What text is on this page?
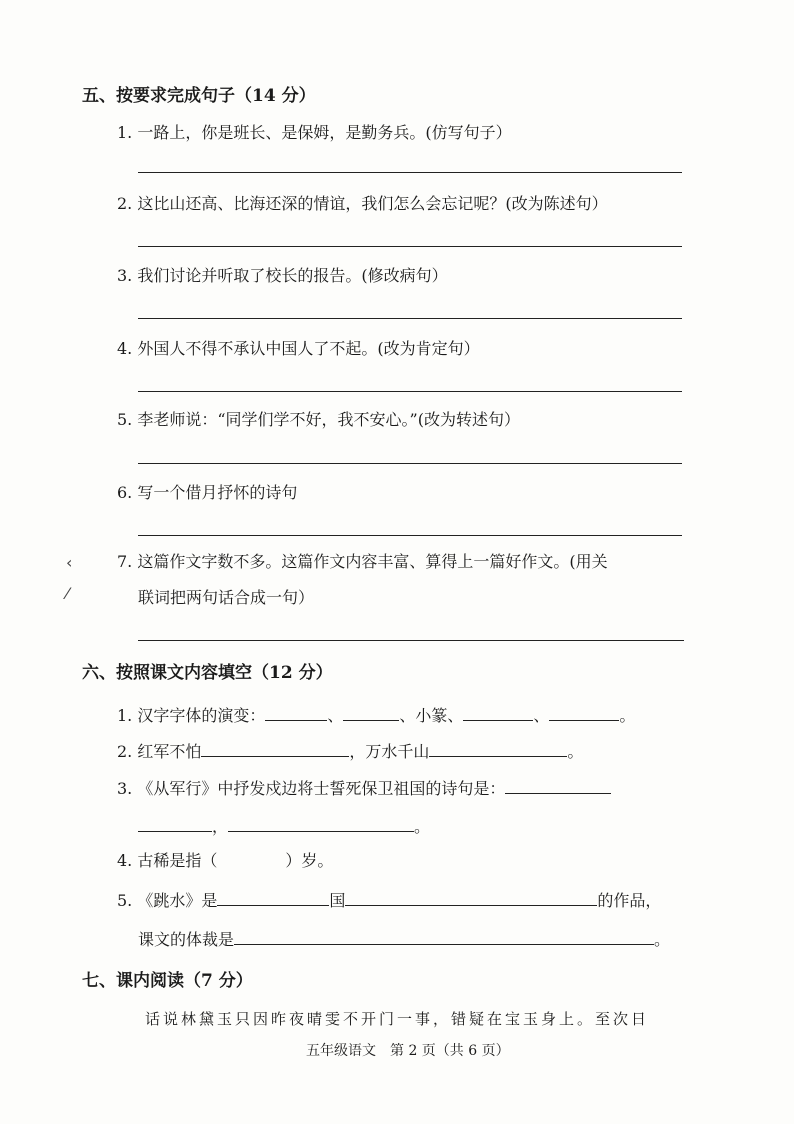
五、按要求完成句子（14 分）
1. 一路上，你是班长、是保姆，是勤务兵。(仿写句子）
2. 这比山还高、比海还深的情谊，我们怎么会忘记呢？(改为陈述句）
3. 我们讨论并听取了校长的报告。(修改病句）
4. 外国人不得不承认中国人了不起。(改为肯定句）
5. 李老师说：“同学们学不好，我不安心。”(改为转述句）
6. 写一个借月抒怀的诗句
‹	7. 这篇作文字数不多。这篇作文内容丰富、算得上一篇好作文。(用关
⁄	联词把两句话合成一句）
六、按照课文内容填空（12 分）
1. 汉字字体的演变：	、	、小篆、	、	。
2. 红军不怕	，万水千山	。
3. 《从军行》中抒发戍边将士誓死保卫祖国的诗句是：
，	。
4. 古稀是指（	）岁。
5. 《跳水》是	国	的作品，
课文的体裁是	。
七、课内阅读（7 分）
话说林黛玉只因昨夜晴雯不开门一事，错疑在宝玉身上。至次日
五年级语文　第 2 页（共 6 页）
